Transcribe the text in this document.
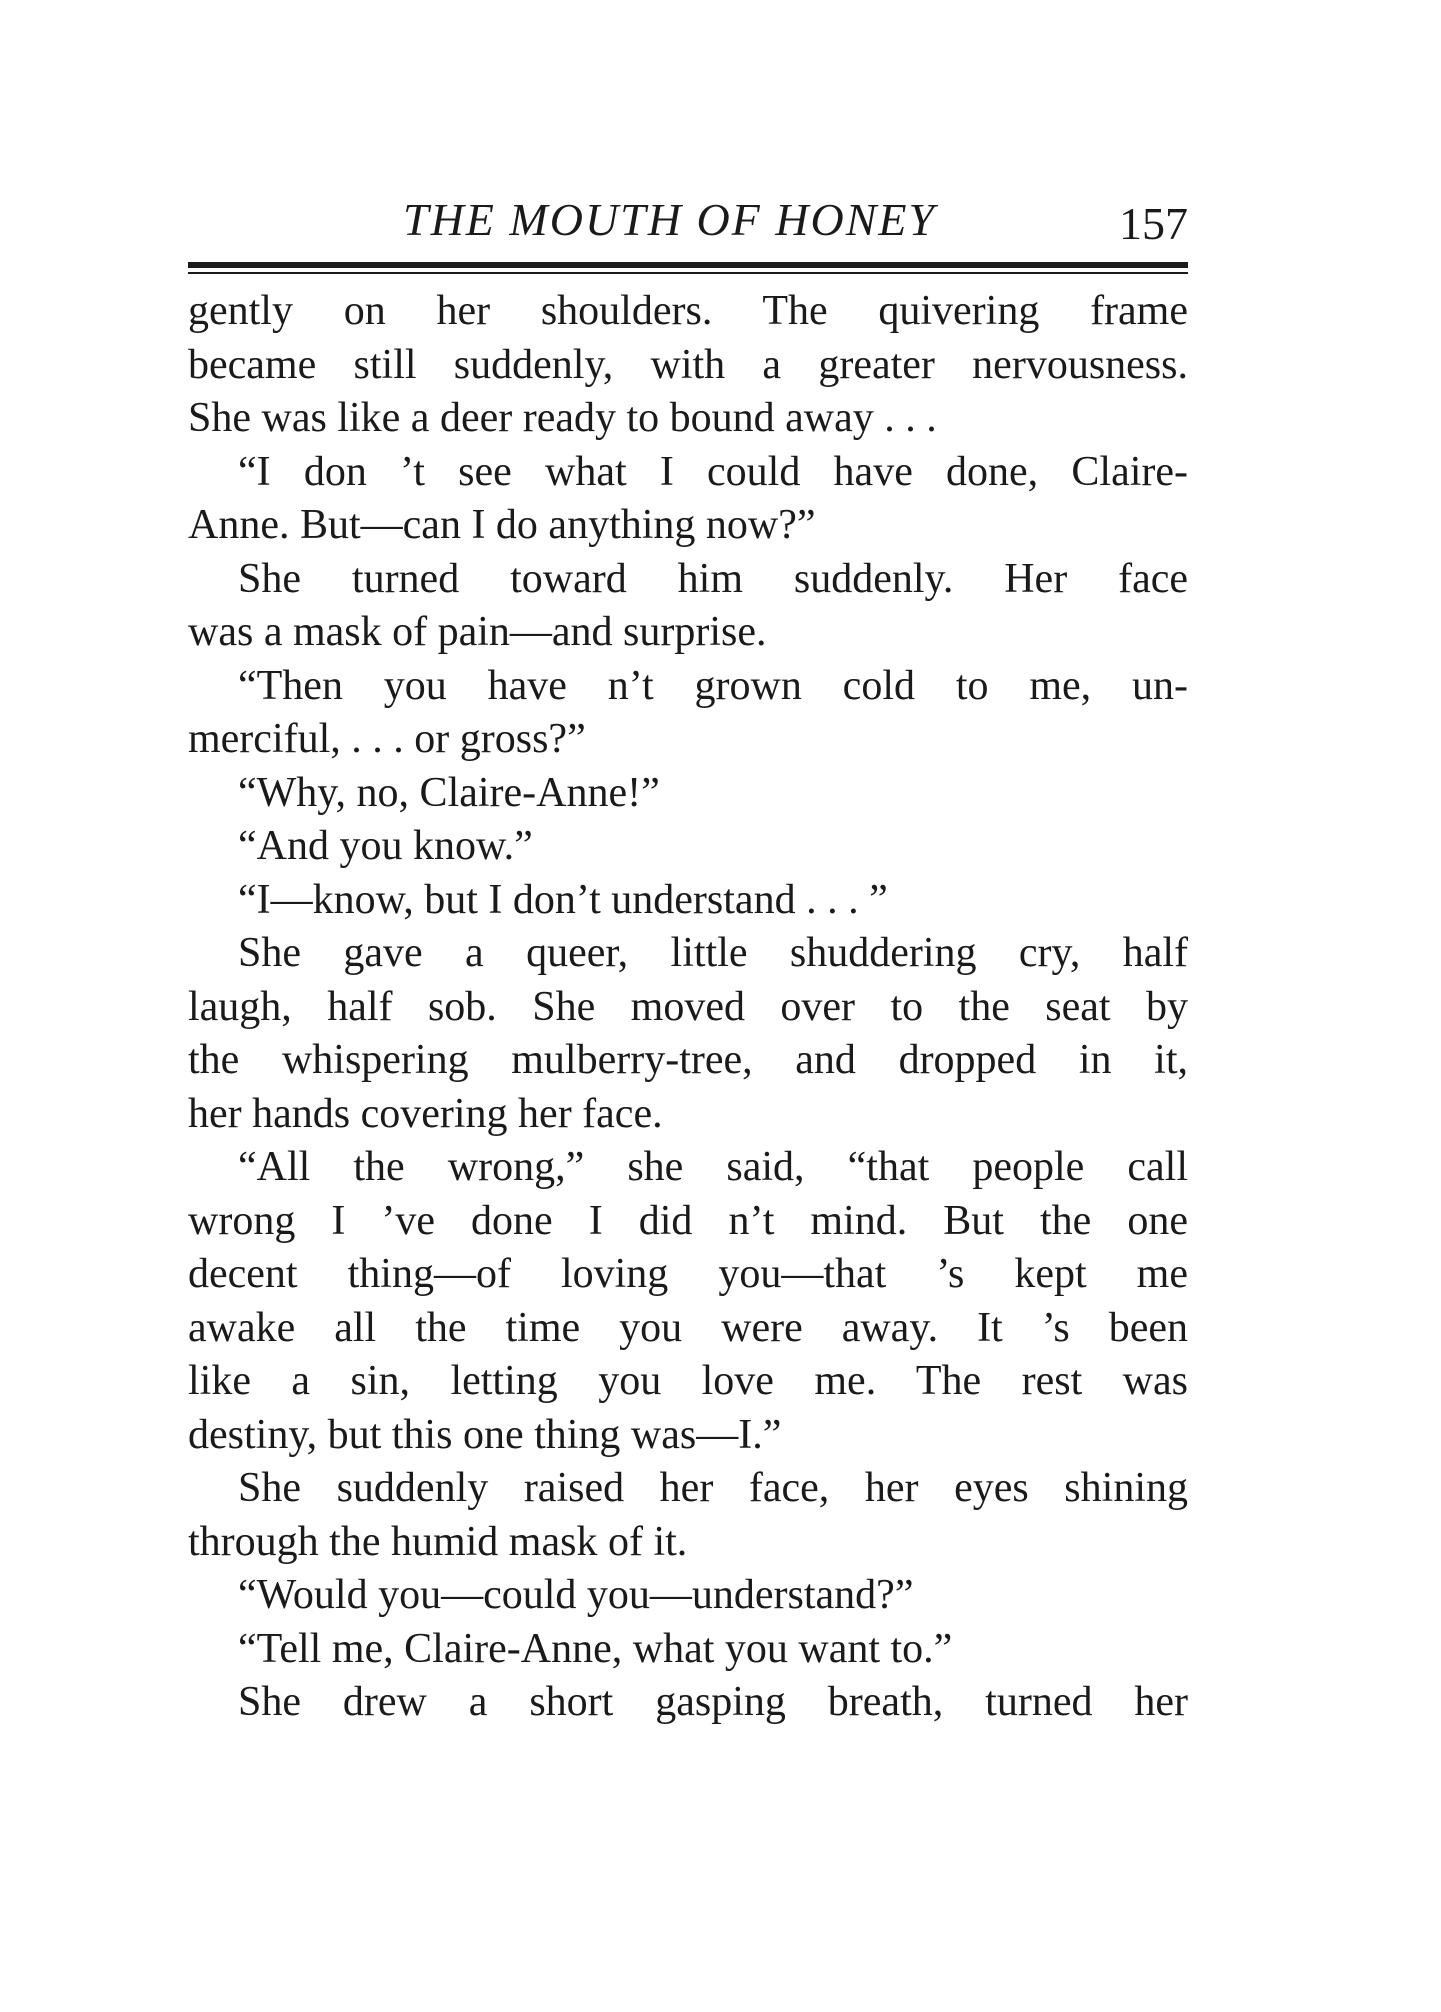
THE MOUTH OF HONEY	157
gently on her shoulders. The quivering frame
became still suddenly, with a greater nervousness.
She was like a deer ready to bound away . . .
“I don ’t see what I could have done, Claire-
Anne. But—can I do anything now?”
She turned toward him suddenly. Her face
was a mask of pain—and surprise.
“Then you have n’t grown cold to me, un-
merciful, . . . or gross?”
“Why, no, Claire-Anne!”
“And you know.”
“I—know, but I don’t understand . . . ”
She gave a queer, little shuddering cry, half
laugh, half sob. She moved over to the seat by
the whispering mulberry-tree, and dropped in it,
her hands covering her face.
“All the wrong,” she said, “that people call
wrong I ’ve done I did n’t mind. But the one
decent thing—of loving you—that ’s kept me
awake all the time you were away. It ’s been
like a sin, letting you love me. The rest was
destiny, but this one thing was—I.”
She suddenly raised her face, her eyes shining
through the humid mask of it.
“Would you—could you—understand?”
“Tell me, Claire-Anne, what you want to.”
She drew a short gasping breath, turned her
